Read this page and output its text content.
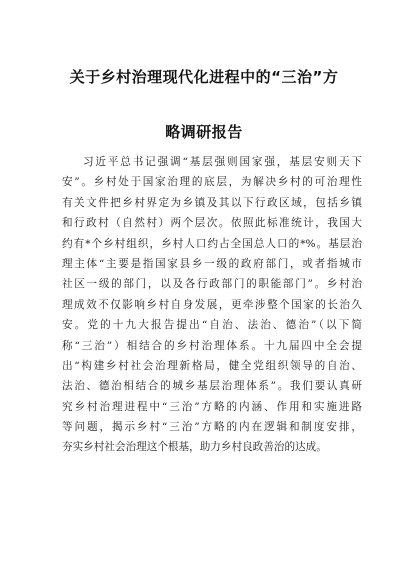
关于乡村治理现代化进程中的“三治”方
略调研报告
习近平总书记强调“基层强则国家强，基层安则天下
安”。乡村处于国家治理的底层，为解决乡村的可治理性
有关文件把乡村界定为乡镇及其以下行政区域，包括乡镇
和行政村（自然村）两个层次。依照此标准统计，我国大
约有*个乡村组织，乡村人口约占全国总人口的*%。基层治
理主体“主要是指国家县乡一级的政府部门，或者指城市
社区一级的部门，以及各行政部门的职能部门”。乡村治
理成效不仅影响乡村自身发展，更牵涉整个国家的长治久
安。党的十九大报告提出“自治、法治、德治”（以下简
称“三治”）相结合的乡村治理体系。十九届四中全会提
出“构建乡村社会治理新格局，健全党组织领导的自治、
法治、德治相结合的城乡基层治理体系”。我们要认真研
究乡村治理进程中“三治”方略的内涵、作用和实施进路
等问题，揭示乡村“三治”方略的内在逻辑和制度安排，
夯实乡村社会治理这个根基，助力乡村良政善治的达成。
